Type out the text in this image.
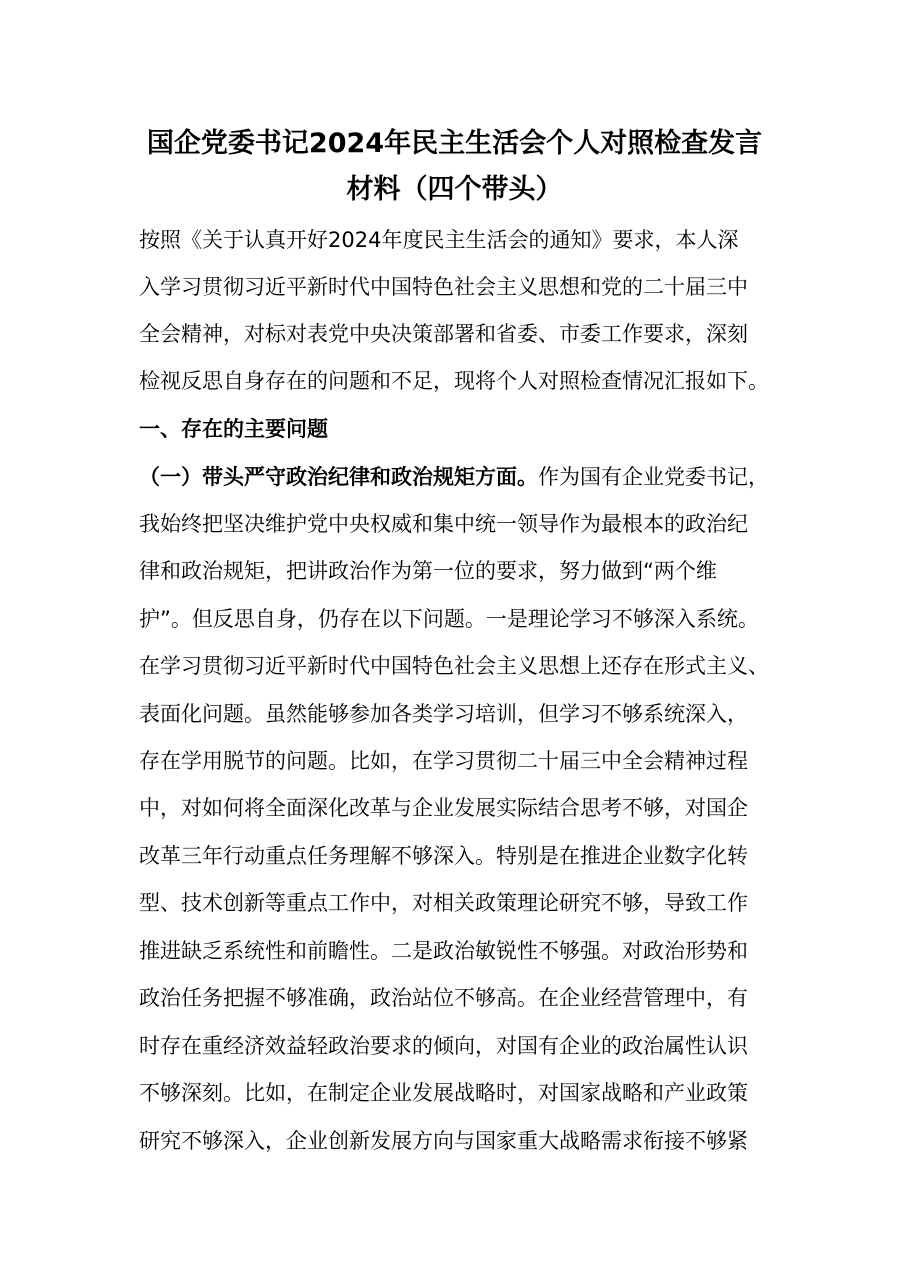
国企党委书记2024年民主生活会个人对照检查发言
材料（四个带头）
按照《关于认真开好2024年度民主生活会的通知》要求，本人深
入学习贯彻习近平新时代中国特色社会主义思想和党的二十届三中
全会精神，对标对表党中央决策部署和省委、市委工作要求，深刻
检视反思自身存在的问题和不足，现将个人对照检查情况汇报如下。
一、存在的主要问题
（一）带头严守政治纪律和政治规矩方面。作为国有企业党委书记，
我始终把坚决维护党中央权威和集中统一领导作为最根本的政治纪
律和政治规矩，把讲政治作为第一位的要求，努力做到“两个维
护”。但反思自身，仍存在以下问题。一是理论学习不够深入系统。
在学习贯彻习近平新时代中国特色社会主义思想上还存在形式主义、
表面化问题。虽然能够参加各类学习培训，但学习不够系统深入，
存在学用脱节的问题。比如，在学习贯彻二十届三中全会精神过程
中，对如何将全面深化改革与企业发展实际结合思考不够，对国企
改革三年行动重点任务理解不够深入。特别是在推进企业数字化转
型、技术创新等重点工作中，对相关政策理论研究不够，导致工作
推进缺乏系统性和前瞻性。二是政治敏锐性不够强。对政治形势和
政治任务把握不够准确，政治站位不够高。在企业经营管理中，有
时存在重经济效益轻政治要求的倾向，对国有企业的政治属性认识
不够深刻。比如，在制定企业发展战略时，对国家战略和产业政策
研究不够深入，企业创新发展方向与国家重大战略需求衔接不够紧
